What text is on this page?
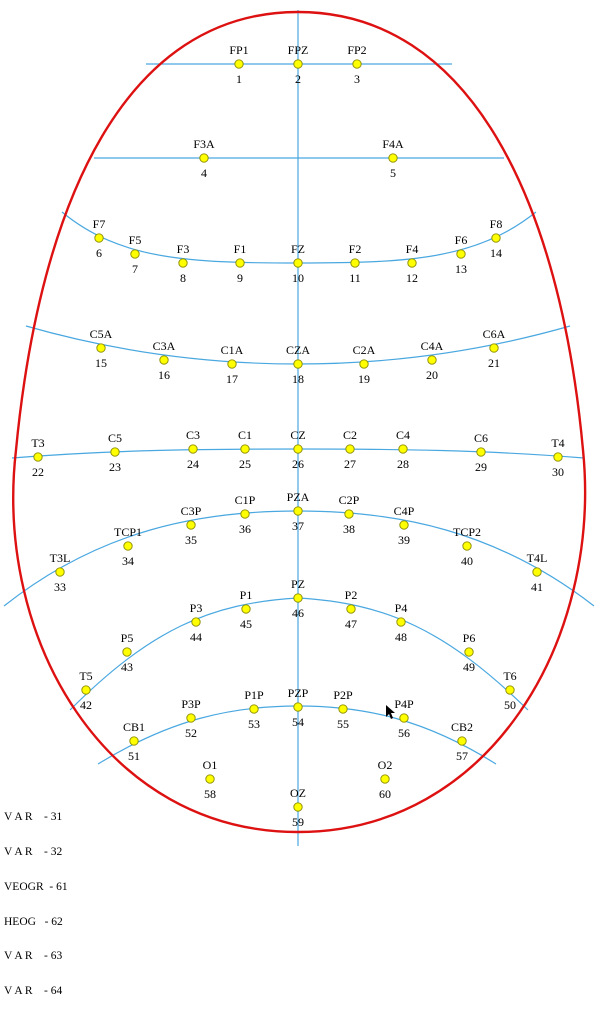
FP1
1
FPZ
2
FP2
3
F3A
4
F4A
5
F7
6
F5
7
F3
8
F1
9
FZ
10
F2
11
F4
12
F6
13
F8
14
C5A
15
C3A
16
C1A
17
CZA
18
C2A
19
C4A
20
C6A
21
T3
22
C5
23
C3
24
C1
25
CZ
26
C2
27
C4
28
C6
29
T4
30
T3L
33
TCP1
34
C3P
35
C1P
36
PZA
37
C2P
38
C4P
39
TCP2
40	T4L
41
T5
42
P5
43
P3
44
P1
45
PZ
46
P2
47
P4
48	P6
49
T6
50
CB1
51
P3P
52
P1P
53
PZP
54
P2P
55
P4P
56	CB2
57
O1
58	OZ
59
O2
60

V A R    - 31

V A R    - 32

VEOGR  - 61

HEOG   - 62

V A R    - 63

V A R    - 64
